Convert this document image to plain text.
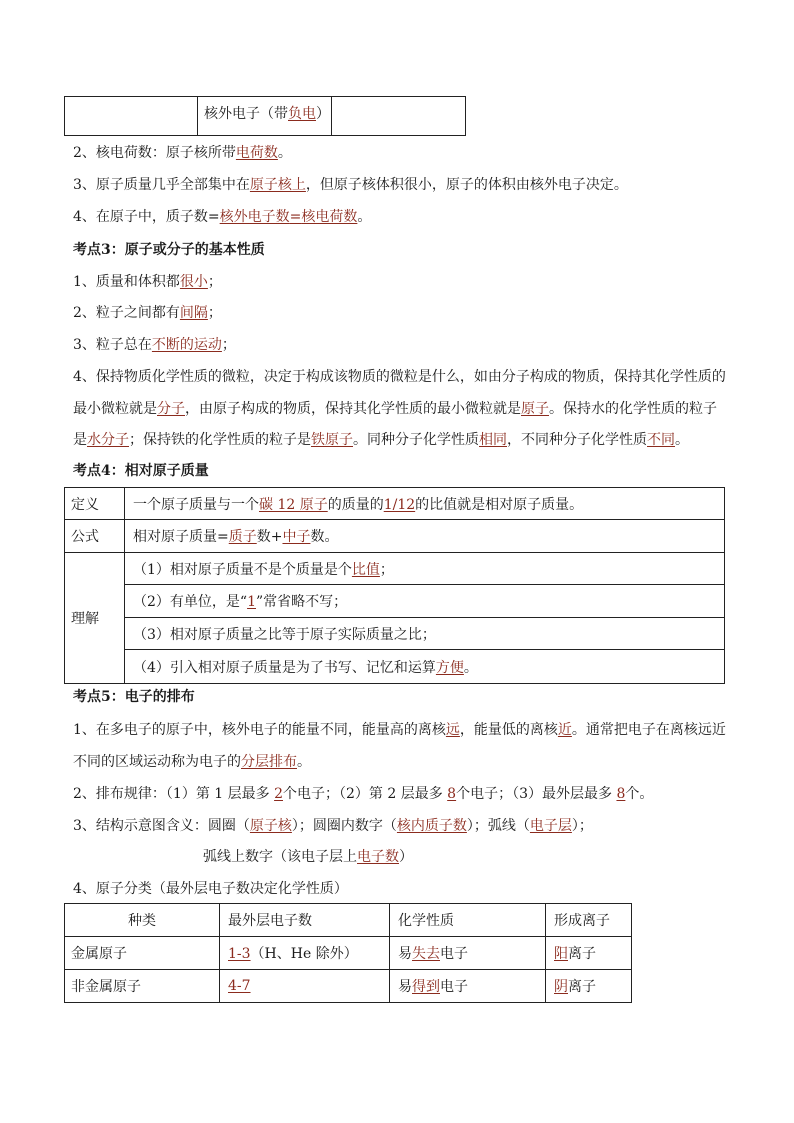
	核外电子（带负电）	
2、核电荷数：原子核所带电荷数。
3、原子质量几乎全部集中在原子核上，但原子核体积很小，原子的体积由核外电子决定。
4、在原子中，质子数=核外电子数=核电荷数。
考点3：原子或分子的基本性质
1、质量和体积都很小；
2、粒子之间都有间隔；
3、粒子总在不断的运动；
4、保持物质化学性质的微粒，决定于构成该物质的微粒是什么，如由分子构成的物质，保持其化学性质的
最小微粒就是分子，由原子构成的物质，保持其化学性质的最小微粒就是原子。保持水的化学性质的粒子
是水分子；保持铁的化学性质的粒子是铁原子。同种分子化学性质相同，不同种分子化学性质不同。
考点4：相对原子质量
定义	一个原子质量与一个碳 12 原子的质量的1/12的比值就是相对原子质量。
公式	相对原子质量=质子数+中子数。
理解	（1）相对原子质量不是个质量是个比值；
	（2）有单位，是“1”常省略不写；
	（3）相对原子质量之比等于原子实际质量之比；
	（4）引入相对原子质量是为了书写、记忆和运算方便。
考点5：电子的排布
1、在多电子的原子中，核外电子的能量不同，能量高的离核远，能量低的离核近。通常把电子在离核远近
不同的区域运动称为电子的分层排布。
2、排布规律：（1）第 1 层最多 2个电子；（2）第 2 层最多 8个电子；（3）最外层最多 8个。
3、结构示意图含义：圆圈（原子核）；圆圈内数字（核内质子数）；弧线（电子层）；
弧线上数字（该电子层上电子数）
4、原子分类（最外层电子数决定化学性质）
种类	最外层电子数	化学性质	形成离子
金属原子	1-3（H、He 除外）	易失去电子	阳离子
非金属原子	4-7	易得到电子	阴离子
